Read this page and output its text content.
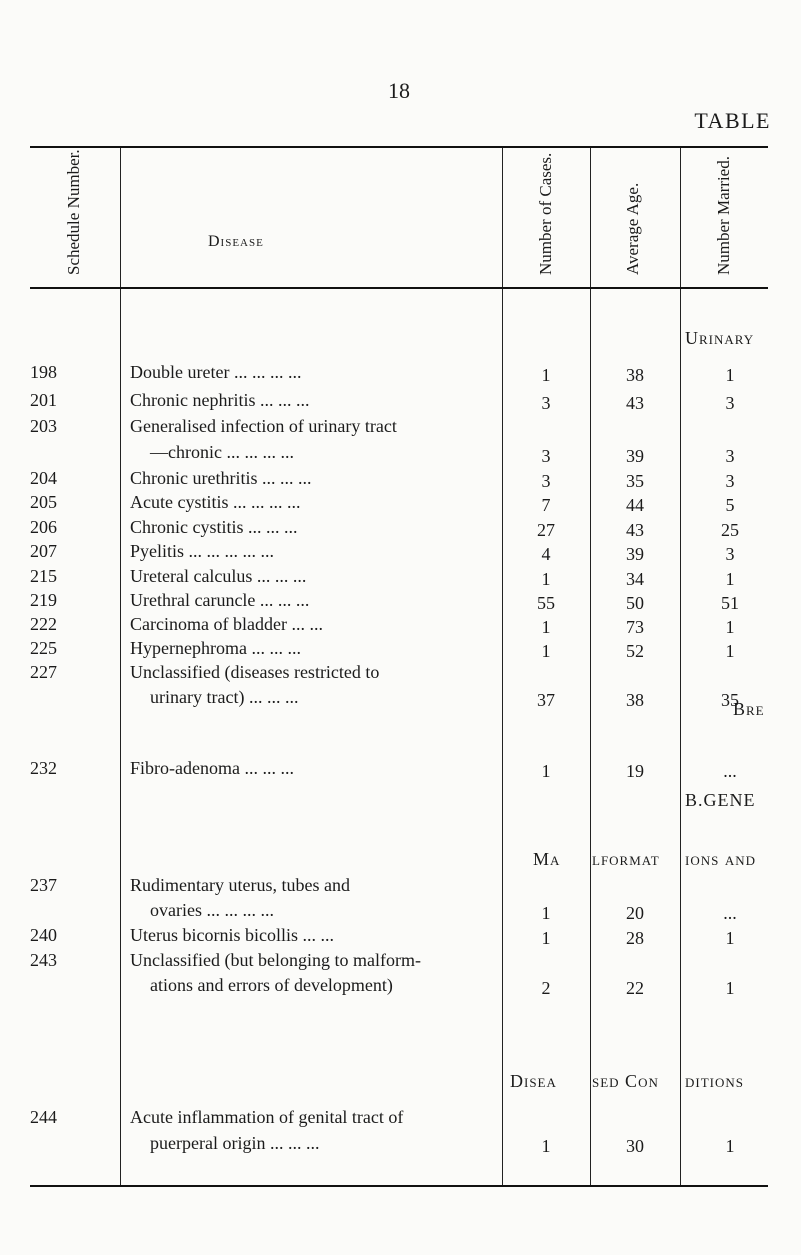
18
TABLE
Schedule Number.	Disease	Number of Cases.	Average Age.	Number Married.
Urinary
Bre
B.GENE
Ma lformat ions and
Disea sed Con ditions
198	Double ureter ... ... ... ...	1	38	1
201	Chronic nephritis ... ... ...	3	43	3
203	Generalised infection of urinary tract
—chronic ... ... ... ...	3	39	3
204	Chronic urethritis ... ... ...	3	35	3
205	Acute cystitis ... ... ... ...	7	44	5
206	Chronic cystitis ... ... ...	27	43	25
207	Pyelitis ... ... ... ... ...	4	39	3
215	Ureteral calculus ... ... ...	1	34	1
219	Urethral caruncle ... ... ...	55	50	51
222	Carcinoma of bladder ... ...	1	73	1
225	Hypernephroma ... ... ...	1	52	1
227	Unclassified (diseases restricted to
urinary tract) ... ... ...	37	38	35
232	Fibro-adenoma ... ... ...	1	19	...
237	Rudimentary uterus, tubes and
ovaries ... ... ... ...	1	20	...
240	Uterus bicornis bicollis ... ...	1	28	1
243	Unclassified (but belonging to malform-
ations and errors of development)	2	22	1
244	Acute inflammation of genital tract of
puerperal origin ... ... ...	1	30	1
